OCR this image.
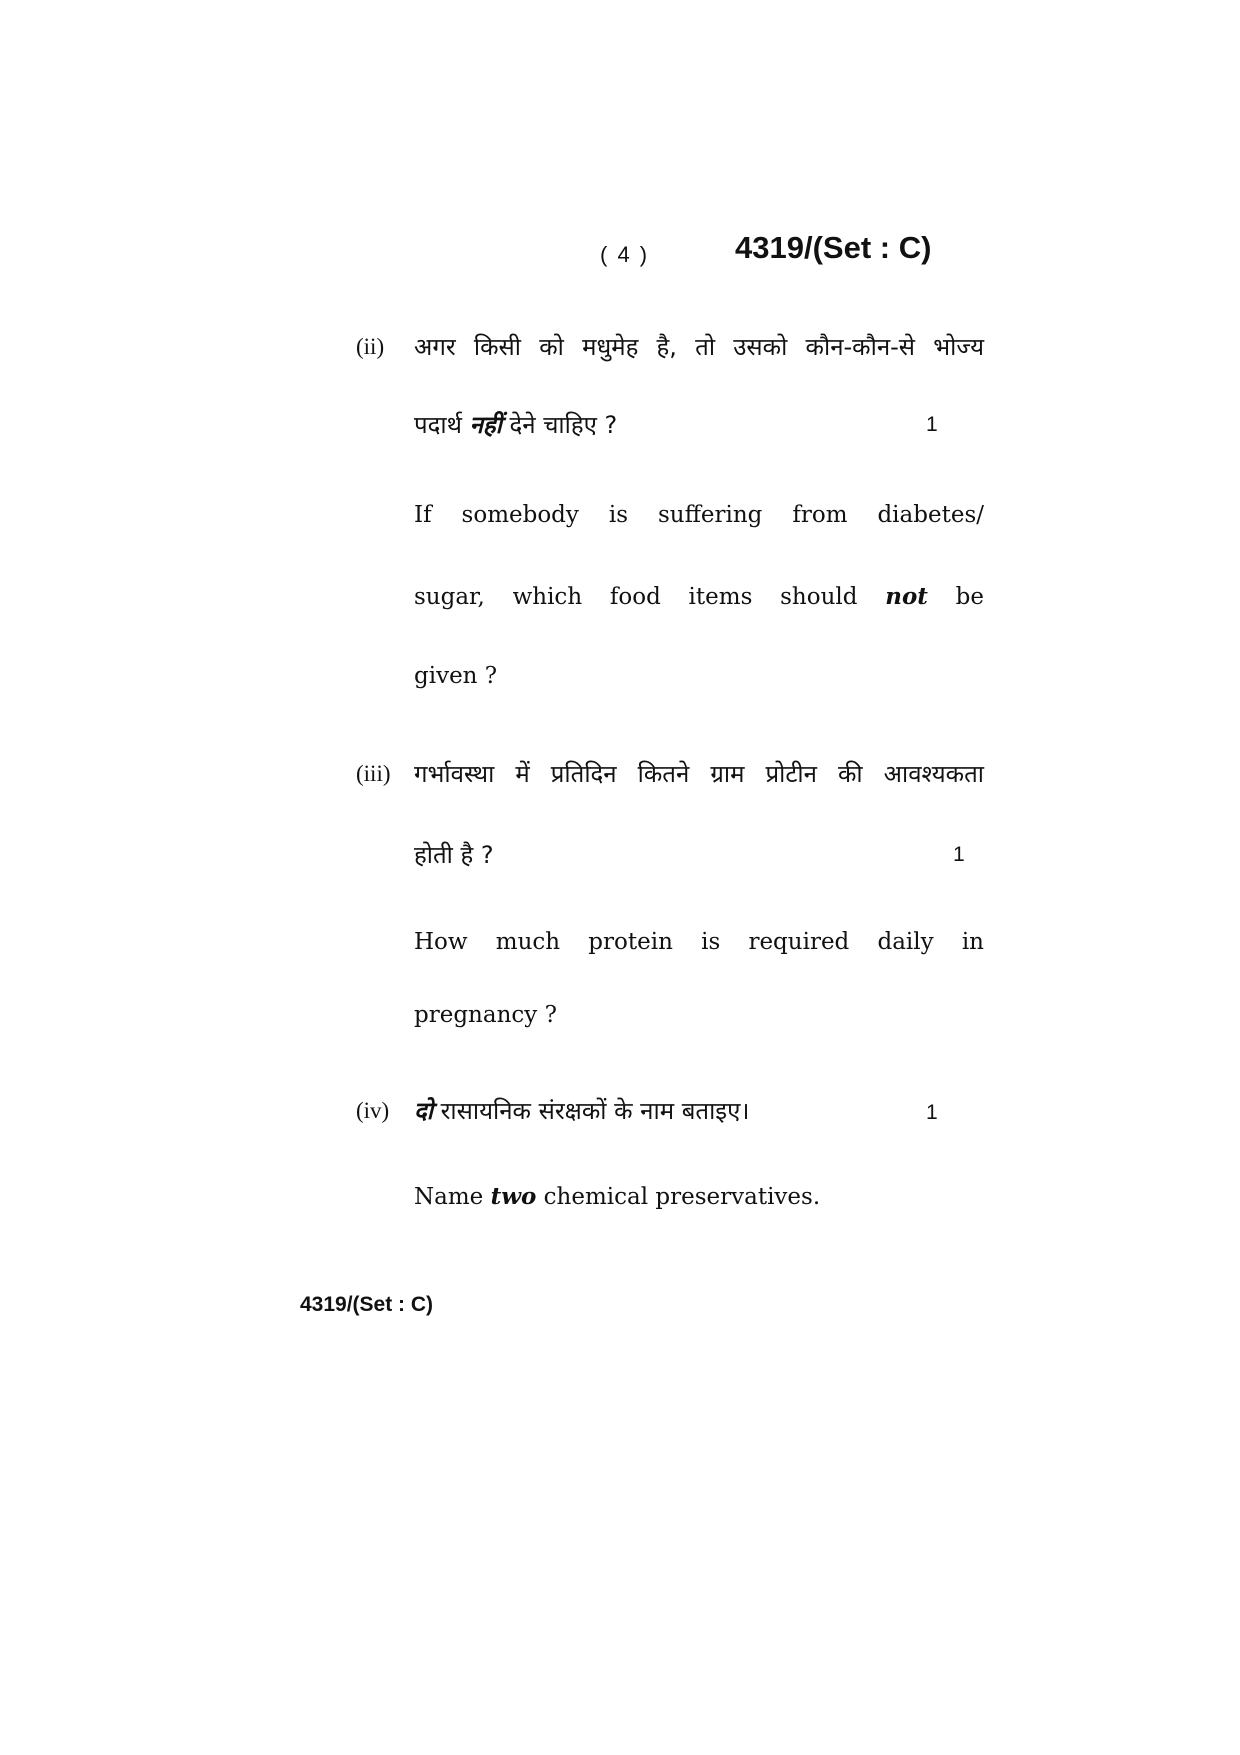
( 4 )	4319/(Set : C)
(ii) अगर किसी को मधुमेह है, तो उसको कौन-कौन-से भोज्य
पदार्थ नहीं देने चाहिए ?	1
If somebody is suffering from diabetes/
sugar, which food items should not be
given ?
(iii) गर्भावस्था में प्रतिदिन कितने ग्राम प्रोटीन की आवश्यकता
होती है ?	1
How much protein is required daily in
pregnancy ?
(iv) दो रासायनिक संरक्षकों के नाम बताइए।	1
Name two chemical preservatives.
4319/(Set : C)
